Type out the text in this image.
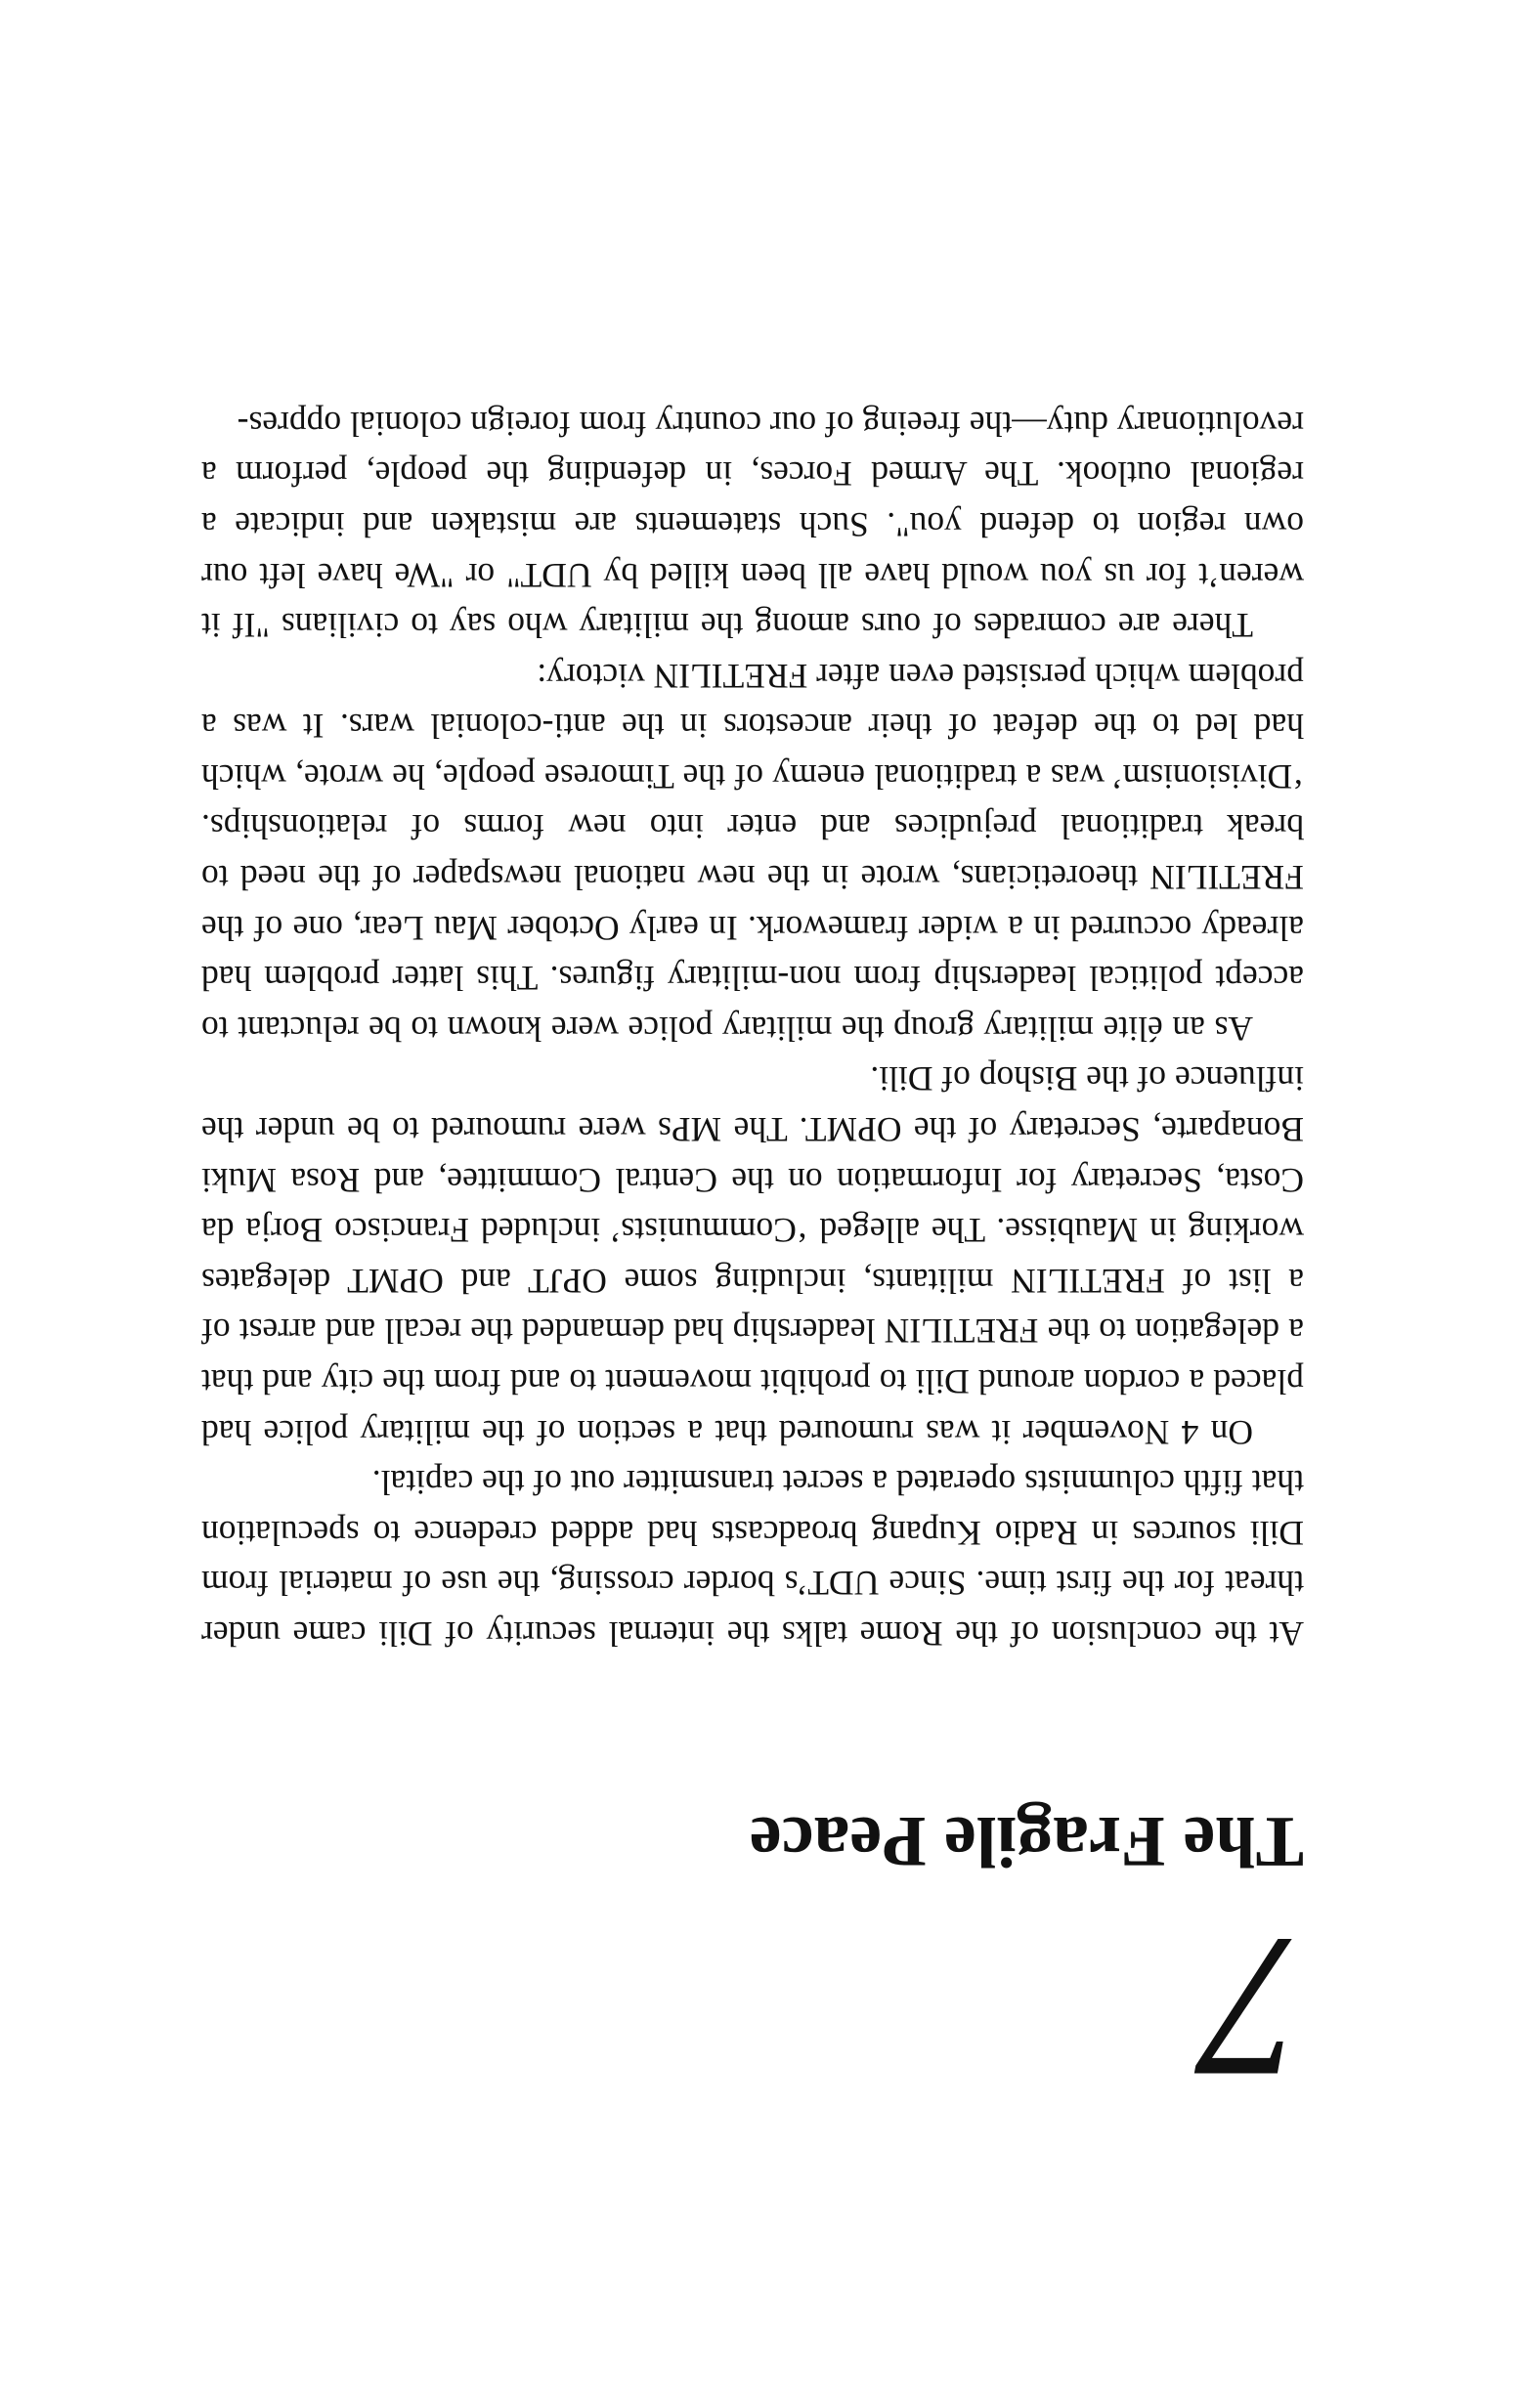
7
The Fragile Peace

At the conclusion of the Rome talks the internal security of Dili came under threat for the first time. Since UDT’s border crossing, the use of material from Dili sources in Radio Kupang broadcasts had added credence to speculation that fifth columnists operated a secret transmitter out of the capital.

On 4 November it was rumoured that a section of the military police had placed a cordon around Dili to prohibit movement to and from the city and that a delegation to the FRETILIN leadership had demanded the recall and arrest of a list of FRETILIN militants, including some OPJT and OPMT delegates working in Maubisse. The alleged ‘Communists’ included Francisco Borja da Costa, Secretary for Information on the Central Committee, and Rosa Muki Bonaparte, Secretary of the OPMT. The MPs were rumoured to be under the influence of the Bishop of Dili.

As an élite military group the military police were known to be reluctant to accept political leadership from non-military figures. This latter problem had already occurred in a wider framework. In early October Mau Lear, one of the FRETILIN theoreticians, wrote in the new national newspaper of the need to break traditional prejudices and enter into new forms of relationships. ‘Divisionism’ was a traditional enemy of the Timorese people, he wrote, which had led to the defeat of their ancestors in the anti-colonial wars. It was a problem which persisted even after FRETILIN victory:

There are comrades of ours among the military who say to civilians "If it weren’t for us you would have all been killed by UDT" or "We have left our own region to defend you". Such statements are mistaken and indicate a regional outlook. The Armed Forces, in defending the people, perform a revolutionary duty—the freeing of our country from foreign colonial oppres-
